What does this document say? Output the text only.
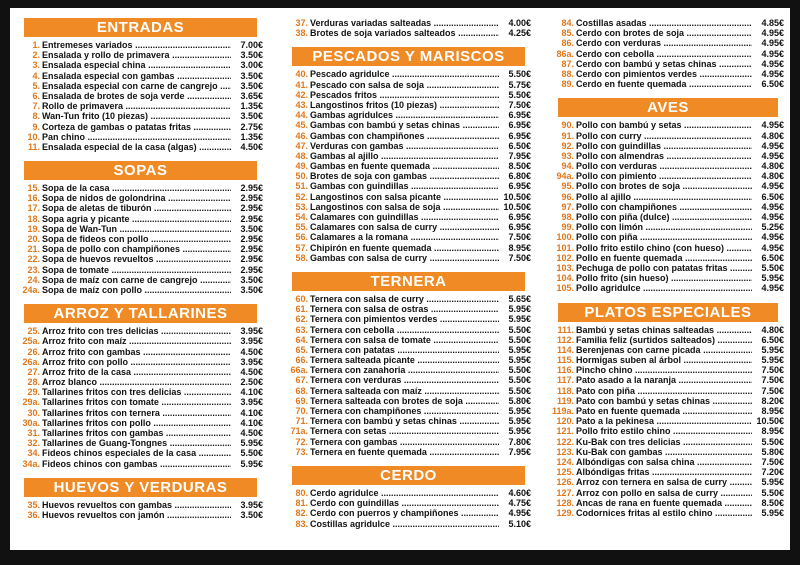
ENTRADAS
1. Entremeses variados .....	7.00€
2. Ensalada y rollo de primavera .....	3.50€
3. Ensalada especial china .....	3.00€
4. Ensalada especial con gambas .....	3.50€
5. Ensalada especial con carne de cangrejo .....	3.50€
6. Ensalada de brotes de soja verde .....	3.65€
7. Rollo de primavera .....	1.35€
8. Wan-Tun frito (10 piezas) .....	3.50€
9. Corteza de gambas o patatas fritas .....	2.75€
10. Pan chino .....	1.35€
11. Ensalada especial de la casa (algas) .....	4.50€
SOPAS
15. Sopa de la casa .....	2.95€
16. Sopa de nidos de golondrina .....	2.95€
17. Sopa de aletas de tiburón .....	2.95€
18. Sopa agria y picante .....	2.95€
19. Sopa de Wan-Tun .....	3.50€
20. Sopa de fideos con pollo .....	2.95€
21. Sopa de pollo con champiñones .....	2.95€
22. Sopa de huevos revueltos .....	2.95€
23. Sopa de tomate .....	2.95€
24. Sopa de maíz con carne de cangrejo .....	3.50€
24a. Sopa de maíz con pollo .....	3.50€
ARROZ Y TALLARINES
25. Arroz frito con tres delicias .....	3.95€
25a. Arroz frito con maíz .....	3.95€
26. Arroz frito con gambas .....	4.50€
26a. Arroz frito con pollo .....	3.95€
27. Arroz frito de la casa .....	4.50€
28. Arroz blanco .....	2.50€
29. Tallarines fritos con tres delicias .....	4.10€
29a. Tallarines fritos con tomate .....	3.95€
30. Tallarines fritos con ternera .....	4.10€
30a. Tallarines fritos con pollo .....	4.10€
31. Tallarines fritos con gambas .....	4.50€
32. Tallarines de Guang-Tongnes .....	5.95€
34. Fideos chinos especiales de la casa .....	5.50€
34a. Fideos chinos con gambas .....	5.95€
HUEVOS Y VERDURAS
35. Huevos revueltos con gambas .....	3.95€
36. Huevos revueltos con jamón .....	3.50€
37. Verduras variadas salteadas .....	4.00€
38. Brotes de soja variados salteados .....	4.25€
PESCADOS Y MARISCOS
40. Pescado agridulce .....	5.50€
41. Pescado con salsa de soja .....	5.75€
42. Pescados fritos .....	5.50€
43. Langostinos fritos (10 piezas) .....	7.50€
44. Gambas agridulces .....	6.95€
45. Gambas con bambú y setas chinas .....	6.95€
46. Gambas con champiñones .....	6.95€
47. Verduras con gambas .....	6.50€
48. Gambas al ajillo .....	7.95€
49. Gambas en fuente quemada .....	8.50€
50. Brotes de soja con gambas .....	6.80€
51. Gambas con guindillas .....	6.95€
52. Langostinos con salsa picante .....	10.50€
53. Langostinos con salsa de soja .....	10.50€
54. Calamares con guindillas .....	6.95€
55. Calamares con salsa de curry .....	6.95€
56. Calamares a la romana .....	7.50€
57. Chipirón en fuente quemada .....	8.95€
58. Gambas con salsa de curry .....	7.50€
TERNERA
60. Ternera con salsa de curry .....	5.65€
61. Ternera con salsa de ostras .....	5.95€
62. Ternera con pimientos verdes .....	5.95€
63. Ternera con cebolla .....	5.50€
64. Ternera con salsa de tomate .....	5.50€
65. Ternera con patatas .....	5.95€
66. Ternera salteada picante .....	5.95€
66a. Ternera con zanahoria .....	5.50€
67. Ternera con verduras .....	5.50€
68. Ternera salteada con maíz .....	5.50€
69. Ternera salteada con brotes de soja .....	5.80€
70. Ternera con champiñones .....	5.95€
71. Ternera con bambú y setas chinas .....	5.95€
71a. Ternera con setas .....	5.95€
72. Ternera con gambas .....	7.80€
73. Ternera en fuente quemada .....	7.95€
CERDO
80. Cerdo agridulce .....	4.60€
81. Cerdo con guindillas .....	4.75€
82. Cerdo con puerros y champiñones .....	4.95€
83. Costillas agridulce .....	5.10€
84. Costillas asadas .....	4.85€
85. Cerdo con brotes de soja .....	4.95€
86. Cerdo con verduras .....	4.95€
86a. Cerdo con cebolla .....	4.95€
87. Cerdo con bambú y setas chinas .....	4.95€
88. Cerdo con pimientos verdes .....	4.95€
89. Cerdo en fuente quemada .....	6.50€
AVES
90. Pollo con bambú y setas .....	4.95€
91. Pollo con curry .....	4.80€
92. Pollo con guindillas .....	4.95€
93. Pollo con almendras .....	4.95€
94. Pollo con verduras .....	4.80€
94a. Pollo con pimiento .....	4.80€
95. Pollo con brotes de soja .....	4.95€
96. Pollo al ajillo .....	6.50€
97. Pollo con champiñones .....	4.95€
98. Pollo con piña (dulce) .....	4.95€
99. Pollo con limón .....	5.25€
100. Pollo con piña .....	4.95€
101. Pollo frito estilo chino (con hueso) .....	4.95€
102. Pollo en fuente quemada .....	6.50€
103. Pechuga de pollo con patatas fritas .....	5.50€
104. Pollo frito (sin hueso) .....	5.95€
105. Pollo agridulce .....	4.95€
PLATOS ESPECIALES
111. Bambú y setas chinas salteadas .....	4.80€
112. Familia feliz (surtidos salteados) .....	6.50€
114. Berenjenas con carne picada .....	5.95€
115. Hormigas suben al árbol .....	5.95€
116. Pincho chino .....	7.50€
117. Pato asado a la naranja .....	7.50€
118. Pato con piña .....	7.50€
119. Pato con bambú y setas chinas .....	8.20€
119a. Pato en fuente quemada .....	8.95€
120. Pato a la pekinesa .....	10.50€
121. Pollo frito estilo chino .....	8.95€
122. Ku-Bak con tres delicias .....	5.50€
123. Ku-Bak con gambas .....	5.80€
124. Albóndigas con salsa china .....	7.50€
125. Albóndigas fritas .....	7.20€
126. Arroz con ternera en salsa de curry .....	5.95€
127. Arroz con pollo en salsa de curry .....	5.50€
128. Ancas de rana en fuente quemada .....	8.50€
129. Codornices fritas al estilo chino .....	5.95€
